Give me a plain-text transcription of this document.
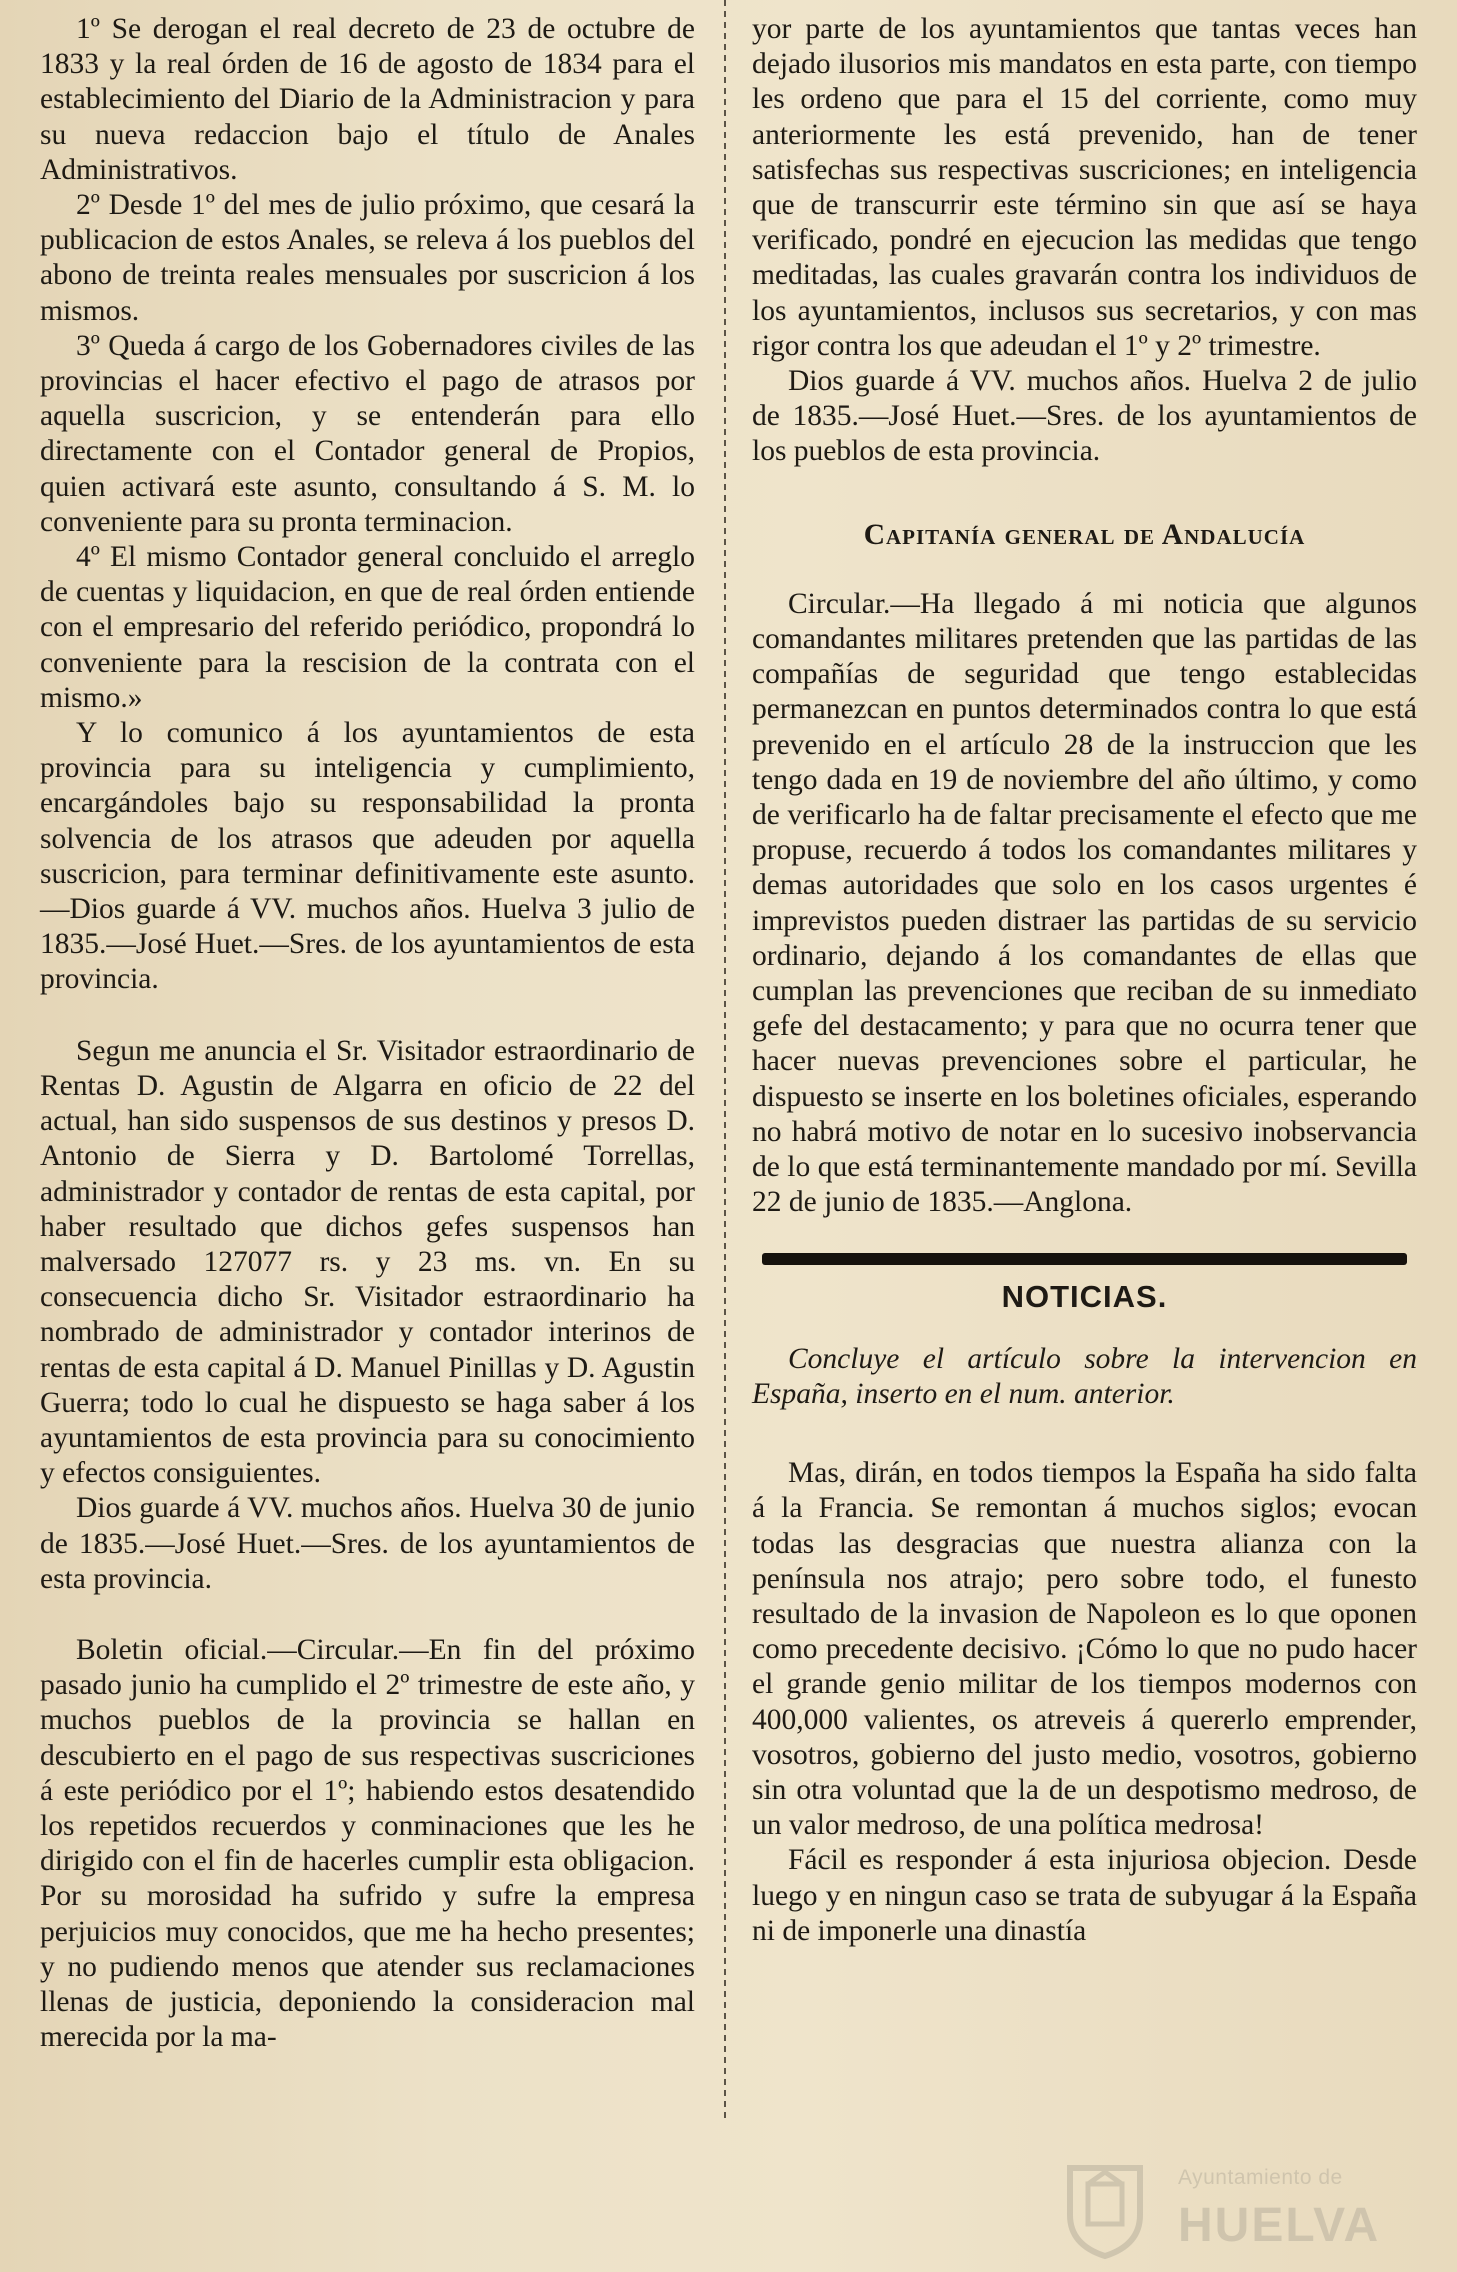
1º Se derogan el real decreto de 23 de octubre de 1833 y la real órden de 16 de agosto de 1834 para el establecimiento del Diario de la Administracion y para su nueva redaccion bajo el título de Anales Administrativos.

2º Desde 1º del mes de julio próximo, que cesará la publicacion de estos Anales, se releva á los pueblos del abono de treinta reales mensuales por suscricion á los mismos.

3º Queda á cargo de los Gobernadores civiles de las provincias el hacer efectivo el pago de atrasos por aquella suscricion, y se entenderán para ello directamente con el Contador general de Propios, quien activará este asunto, consultando á S. M. lo conveniente para su pronta terminacion.

4º El mismo Contador general concluido el arreglo de cuentas y liquidacion, en que de real órden entiende con el empresario del referido periódico, propondrá lo conveniente para la rescision de la contrata con el mismo.»

Y lo comunico á los ayuntamientos de esta provincia para su inteligencia y cumplimiento, encargándoles bajo su responsabilidad la pronta solvencia de los atrasos que adeuden por aquella suscricion, para terminar definitivamente este asunto.—Dios guarde á VV. muchos años. Huelva 3 julio de 1835.—José Huet.—Sres. de los ayuntamientos de esta provincia.

Segun me anuncia el Sr. Visitador estraordinario de Rentas D. Agustin de Algarra en oficio de 22 del actual, han sido suspensos de sus destinos y presos D. Antonio de Sierra y D. Bartolomé Torrellas, administrador y contador de rentas de esta capital, por haber resultado que dichos gefes suspensos han malversado 127077 rs. y 23 ms. vn. En su consecuencia dicho Sr. Visitador estraordinario ha nombrado de administrador y contador interinos de rentas de esta capital á D. Manuel Pinillas y D. Agustin Guerra; todo lo cual he dispuesto se haga saber á los ayuntamientos de esta provincia para su conocimiento y efectos consiguientes.

Dios guarde á VV. muchos años. Huelva 30 de junio de 1835.—José Huet.—Sres. de los ayuntamientos de esta provincia.

Boletin oficial.—Circular.—En fin del próximo pasado junio ha cumplido el 2º trimestre de este año, y muchos pueblos de la provincia se hallan en descubierto en el pago de sus respectivas suscriciones á este periódico por el 1º; habiendo estos desatendido los repetidos recuerdos y conminaciones que les he dirigido con el fin de hacerles cumplir esta obligacion. Por su morosidad ha sufrido y sufre la empresa perjuicios muy conocidos, que me ha hecho presentes; y no pudiendo menos que atender sus reclamaciones llenas de justicia, deponiendo la consideracion mal merecida por la ma-

yor parte de los ayuntamientos que tantas veces han dejado ilusorios mis mandatos en esta parte, con tiempo les ordeno que para el 15 del corriente, como muy anteriormente les está prevenido, han de tener satisfechas sus respectivas suscriciones; en inteligencia que de transcurrir este término sin que así se haya verificado, pondré en ejecucion las medidas que tengo meditadas, las cuales gravarán contra los individuos de los ayuntamientos, inclusos sus secretarios, y con mas rigor contra los que adeudan el 1º y 2º trimestre.

Dios guarde á VV. muchos años. Huelva 2 de julio de 1835.—José Huet.—Sres. de los ayuntamientos de los pueblos de esta provincia.

Capitanía general de Andalucía

Circular.—Ha llegado á mi noticia que algunos comandantes militares pretenden que las partidas de las compañías de seguridad que tengo establecidas permanezcan en puntos determinados contra lo que está prevenido en el artículo 28 de la instruccion que les tengo dada en 19 de noviembre del año último, y como de verificarlo ha de faltar precisamente el efecto que me propuse, recuerdo á todos los comandantes militares y demas autoridades que solo en los casos urgentes é imprevistos pueden distraer las partidas de su servicio ordinario, dejando á los comandantes de ellas que cumplan las prevenciones que reciban de su inmediato gefe del destacamento; y para que no ocurra tener que hacer nuevas prevenciones sobre el particular, he dispuesto se inserte en los boletines oficiales, esperando no habrá motivo de notar en lo sucesivo inobservancia de lo que está terminantemente mandado por mí. Sevilla 22 de junio de 1835.—Anglona.

NOTICIAS.

Concluye el artículo sobre la intervencion en España, inserto en el num. anterior.

Mas, dirán, en todos tiempos la España ha sido falta á la Francia. Se remontan á muchos siglos; evocan todas las desgracias que nuestra alianza con la península nos atrajo; pero sobre todo, el funesto resultado de la invasion de Napoleon es lo que oponen como precedente decisivo. ¡Cómo lo que no pudo hacer el grande genio militar de los tiempos modernos con 400,000 valientes, os atreveis á quererlo emprender, vosotros, gobierno del justo medio, vosotros, gobierno sin otra voluntad que la de un despotismo medroso, de un valor medroso, de una política medrosa!

Fácil es responder á esta injuriosa objecion. Desde luego y en ningun caso se trata de subyugar á la España ni de imponerle una dinastía

Ayuntamiento de
HUELVA
